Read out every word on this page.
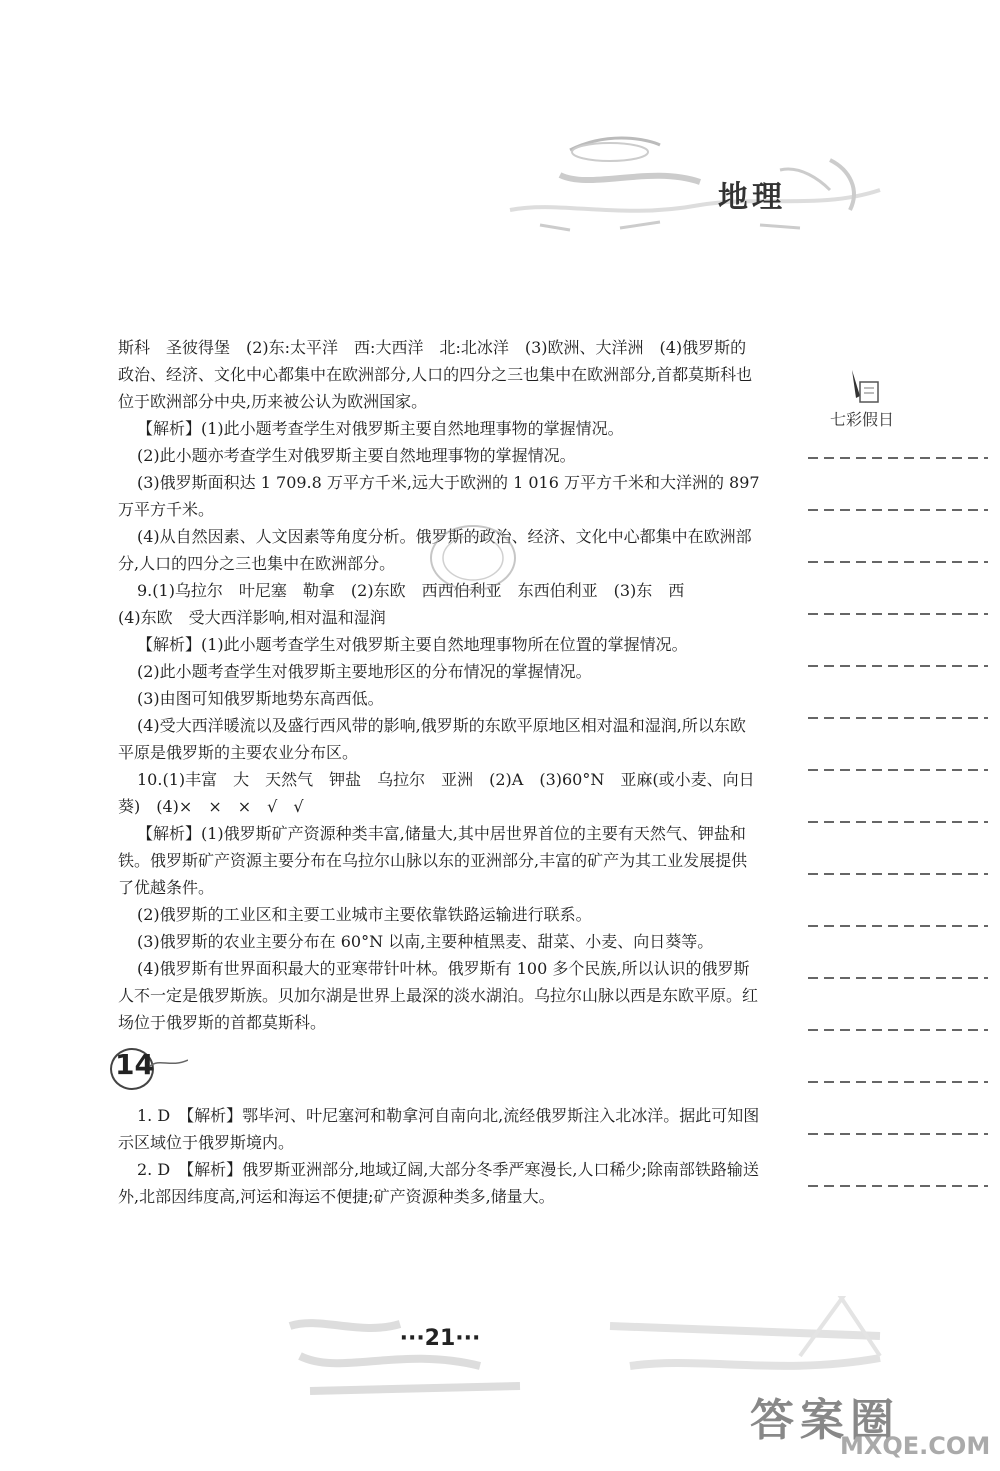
地理
七彩假日

斯科　圣彼得堡　(2)东:太平洋　西:大西洋　北:北冰洋　(3)欧洲、大洋洲　(4)俄罗斯的政治、经济、文化中心都集中在欧洲部分,人口的四分之三也集中在欧洲部分,首都莫斯科也位于欧洲部分中央,历来被公认为欧洲国家。

【解析】(1)此小题考查学生对俄罗斯主要自然地理事物的掌握情况。

(2)此小题亦考查学生对俄罗斯主要自然地理事物的掌握情况。

(3)俄罗斯面积达 1 709.8 万平方千米,远大于欧洲的 1 016 万平方千米和大洋洲的 897 万平方千米。

(4)从自然因素、人文因素等角度分析。俄罗斯的政治、经济、文化中心都集中在欧洲部分,人口的四分之三也集中在欧洲部分。

9.(1)乌拉尔　叶尼塞　勒拿　(2)东欧　西西伯利亚　东西伯利亚　(3)东　西

(4)东欧　受大西洋影响,相对温和湿润

【解析】(1)此小题考查学生对俄罗斯主要自然地理事物所在位置的掌握情况。

(2)此小题考查学生对俄罗斯主要地形区的分布情况的掌握情况。

(3)由图可知俄罗斯地势东高西低。

(4)受大西洋暖流以及盛行西风带的影响,俄罗斯的东欧平原地区相对温和湿润,所以东欧平原是俄罗斯的主要农业分布区。

10.(1)丰富　大　天然气　钾盐　乌拉尔　亚洲　(2)A　(3)60°N　亚麻(或小麦、向日葵)　(4)×　×　×　√　√

【解析】(1)俄罗斯矿产资源种类丰富,储量大,其中居世界首位的主要有天然气、钾盐和铁。俄罗斯矿产资源主要分布在乌拉尔山脉以东的亚洲部分,丰富的矿产为其工业发展提供了优越条件。

(2)俄罗斯的工业区和主要工业城市主要依靠铁路运输进行联系。

(3)俄罗斯的农业主要分布在 60°N 以南,主要种植黑麦、甜菜、小麦、向日葵等。

(4)俄罗斯有世界面积最大的亚寒带针叶林。俄罗斯有 100 多个民族,所以认识的俄罗斯人不一定是俄罗斯族。贝加尔湖是世界上最深的淡水湖泊。乌拉尔山脉以西是东欧平原。红场位于俄罗斯的首都莫斯科。

14

1. D　【解析】鄂毕河、叶尼塞河和勒拿河自南向北,流经俄罗斯注入北冰洋。据此可知图示区域位于俄罗斯境内。

2. D　【解析】俄罗斯亚洲部分,地域辽阔,大部分冬季严寒漫长,人口稀少;除南部铁路输送外,北部因纬度高,河运和海运不便捷;矿产资源种类多,储量大。

···21···
答案圈
MXQE.COM
